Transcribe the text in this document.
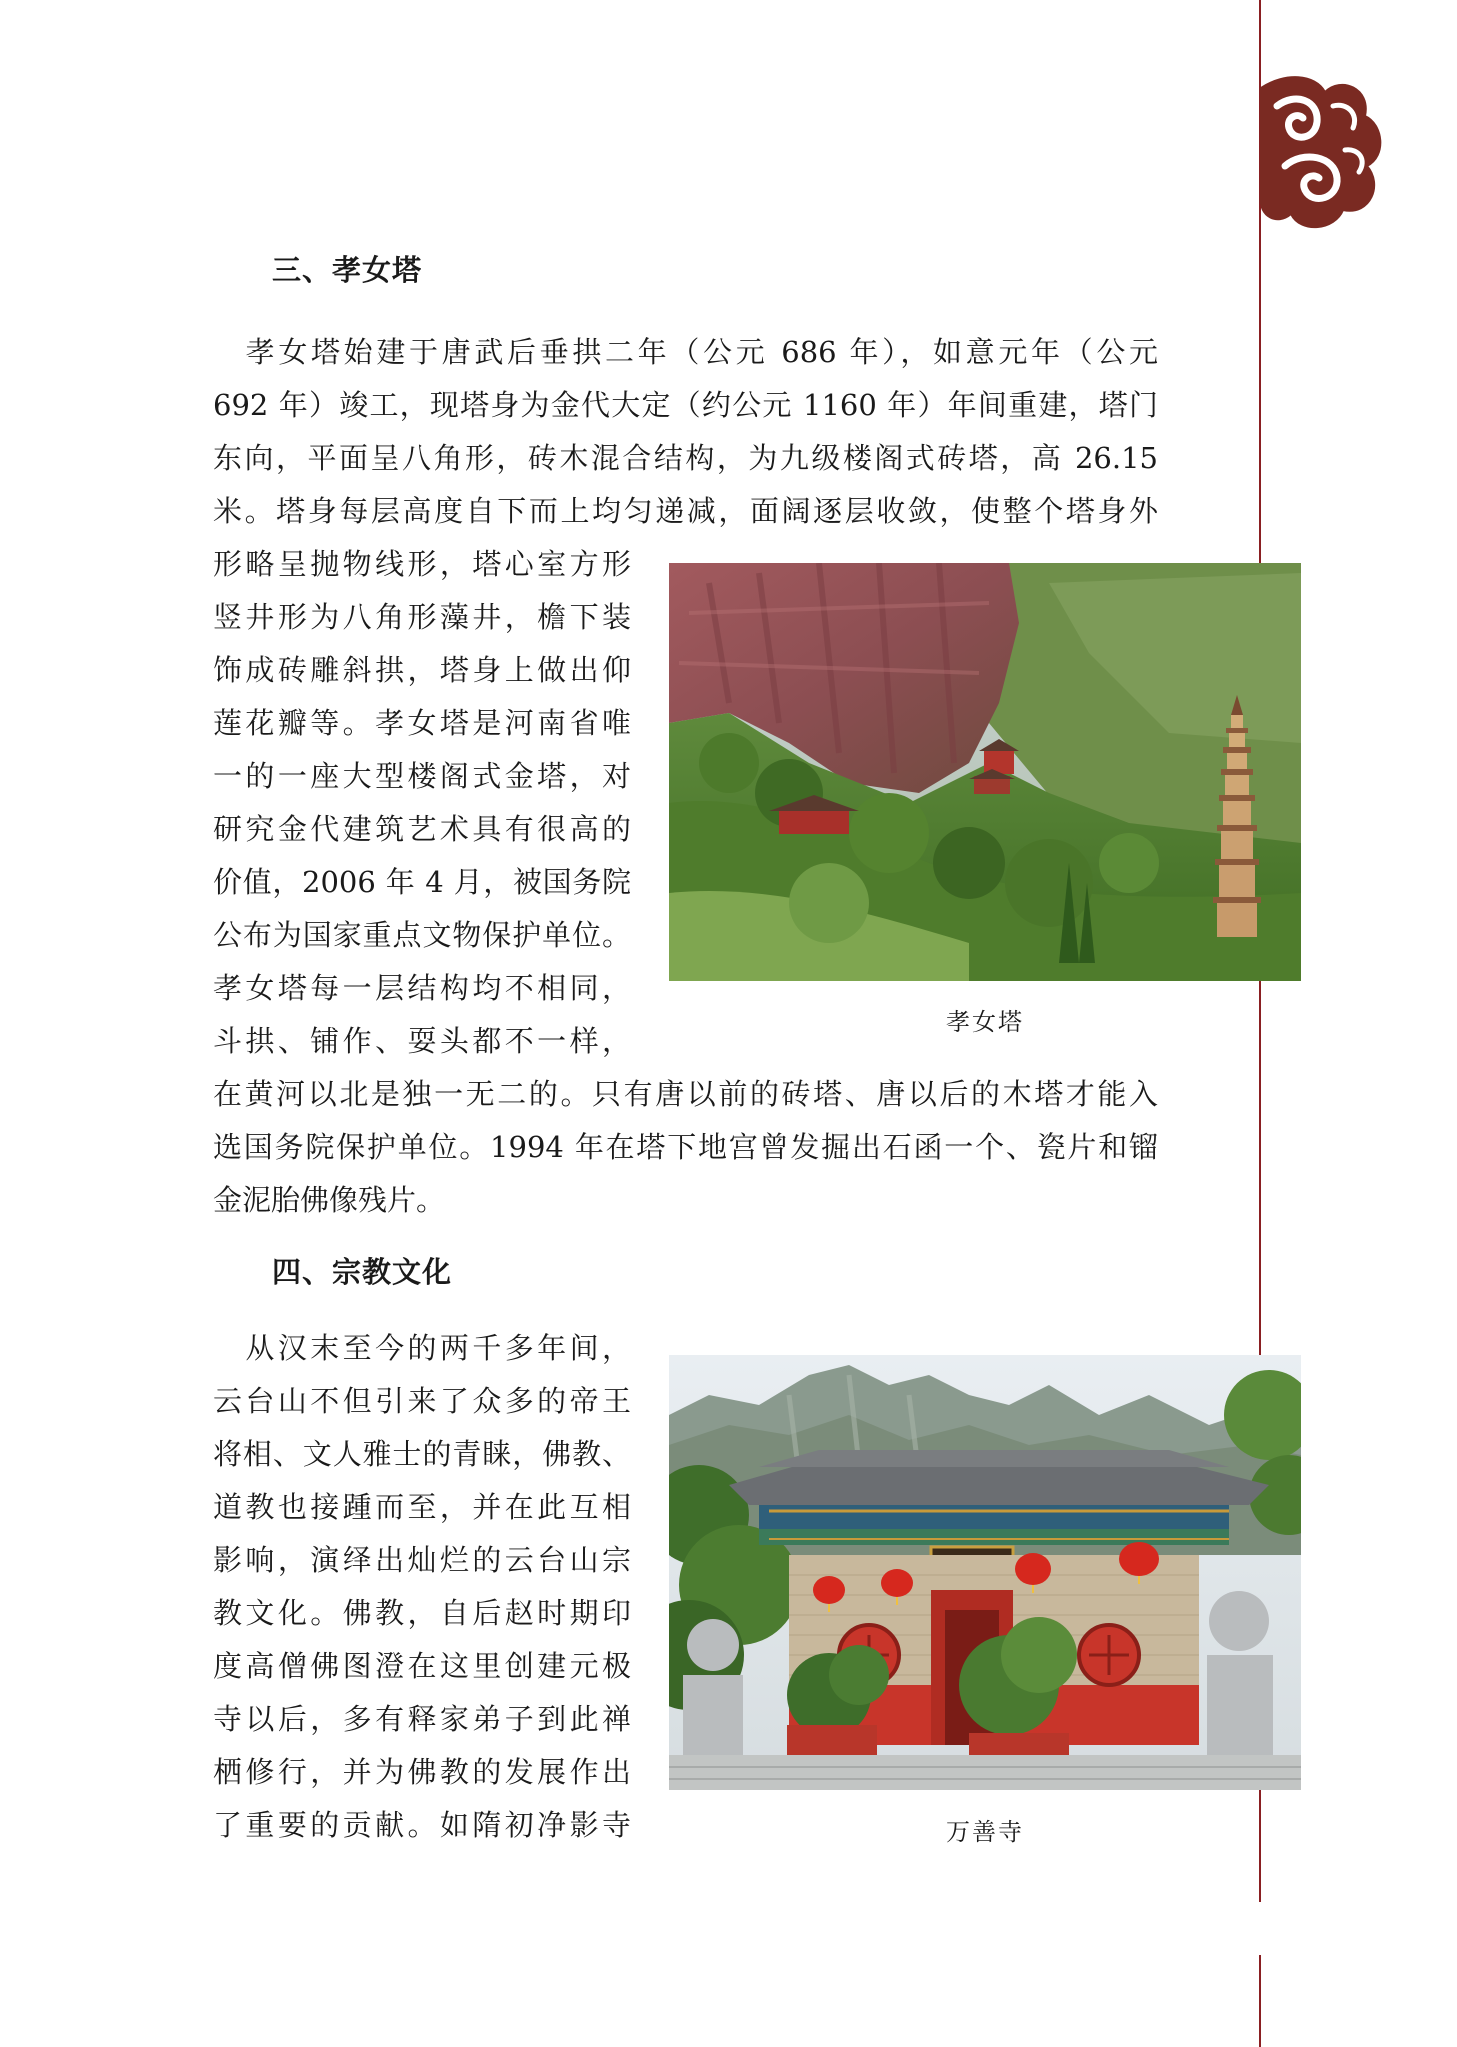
三、孝女塔

　孝女塔始建于唐武后垂拱二年（公元 686 年），如意元年（公元

692 年）竣工，现塔身为金代大定（约公元 1160 年）年间重建，塔门

东向，平面呈八角形，砖木混合结构，为九级楼阁式砖塔，高 26.15

米。塔身每层高度自下而上均匀递减，面阔逐层收敛，使整个塔身外

形略呈抛物线形，塔心室方形

竖井形为八角形藻井，檐下装

饰成砖雕斜拱，塔身上做出仰

莲花瓣等。孝女塔是河南省唯

一的一座大型楼阁式金塔，对

研究金代建筑艺术具有很高的

价值，2006 年 4 月，被国务院

公布为国家重点文物保护单位。

孝女塔每一层结构均不相同，

斗拱、铺作、耍头都不一样，

在黄河以北是独一无二的。只有唐以前的砖塔、唐以后的木塔才能入

选国务院保护单位。1994 年在塔下地宫曾发掘出石函一个、瓷片和镏

金泥胎佛像残片。

孝女塔
四、宗教文化

　从汉末至今的两千多年间，

云台山不但引来了众多的帝王

将相、文人雅士的青睐，佛教、

道教也接踵而至，并在此互相

影响，演绎出灿烂的云台山宗

教文化。佛教，自后赵时期印

度高僧佛图澄在这里创建元极

寺以后，多有释家弟子到此禅

栖修行，并为佛教的发展作出

了重要的贡献。如隋初净影寺	万善寺
